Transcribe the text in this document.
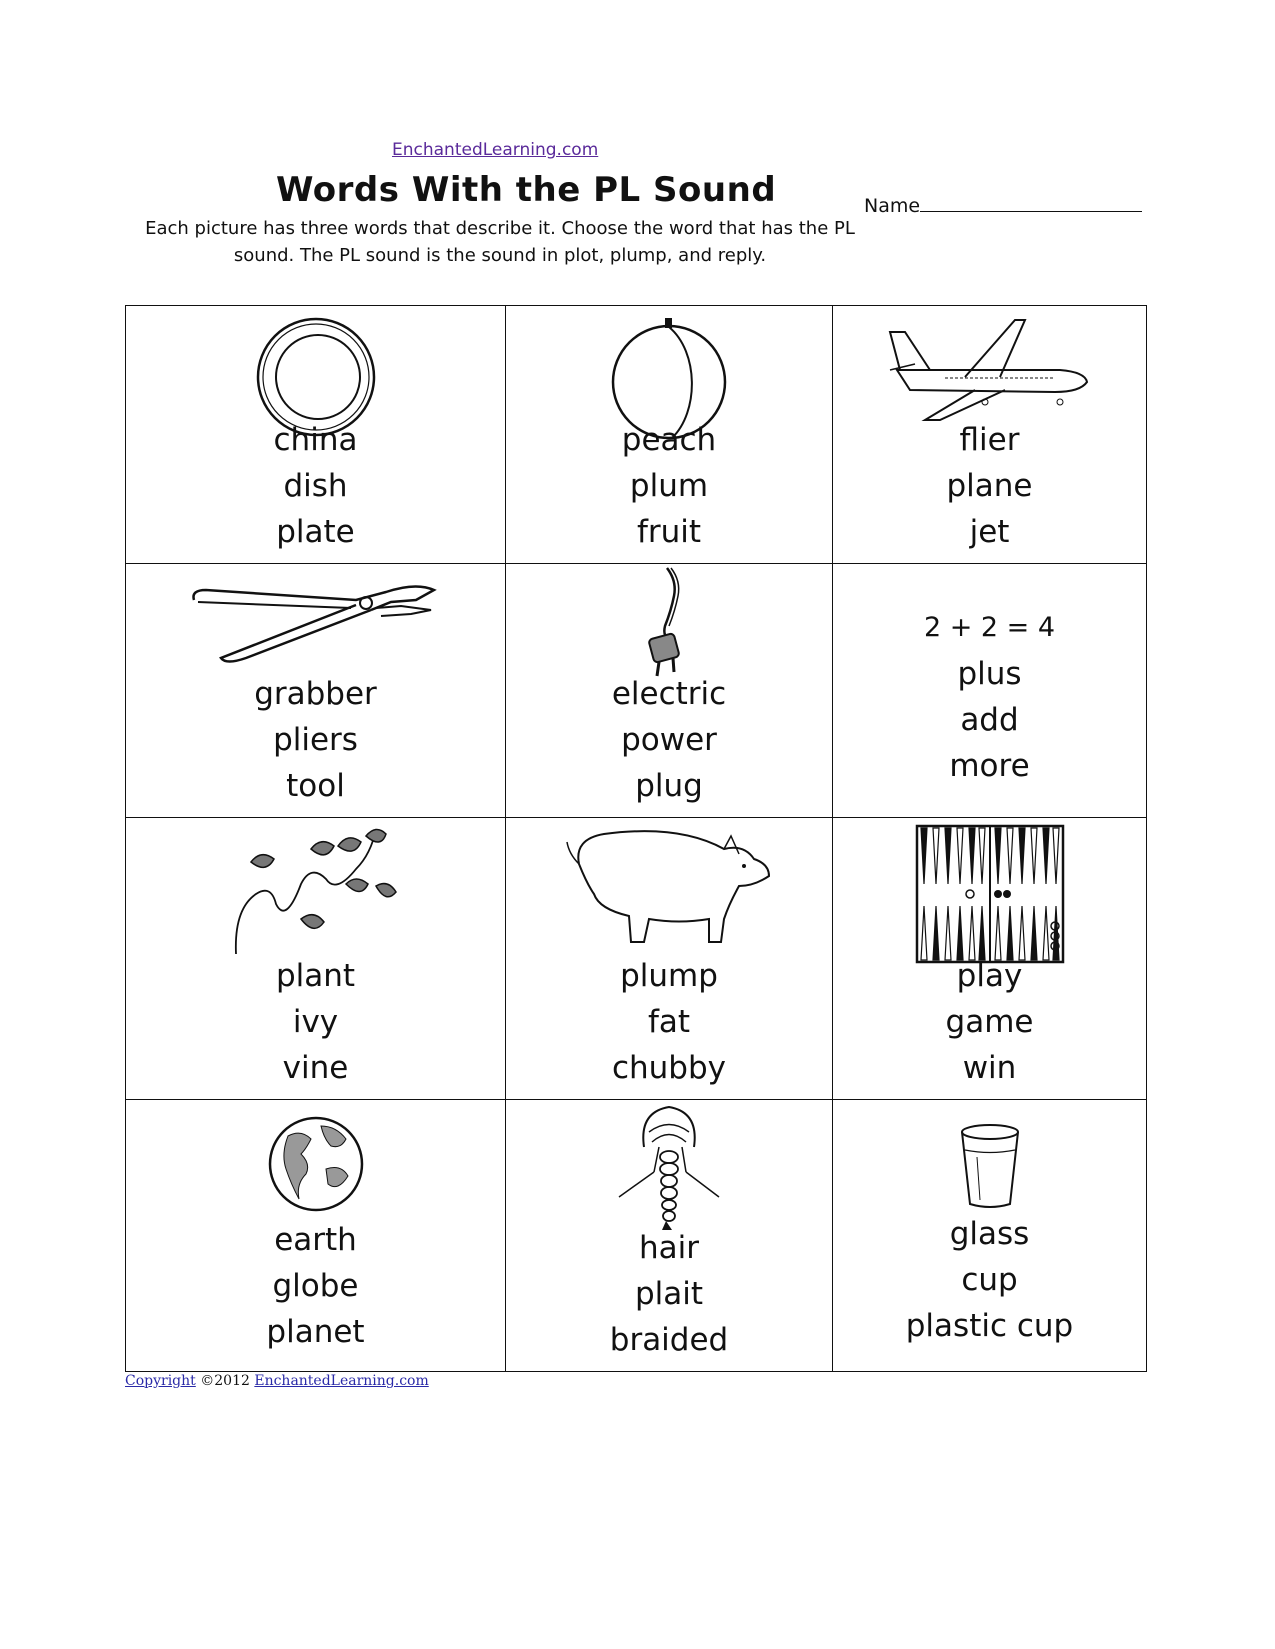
EnchantedLearning.com
Words With the PL Sound	Name

Each picture has three words that describe it. Choose the word that has the PL sound. The PL sound is the sound in plot, plump, and reply.

china
dish
plate
peach
plum
fruit
flier
plane
jet
grabber
pliers
tool
electric
power
plug
2 + 2 = 4
plus
add
more
plant
ivy
vine
plump
fat
chubby
play
game
win
earth
globe
planet
hair
plait
braided
glass
cup
plastic cup
Copyright ©2012 EnchantedLearning.com
